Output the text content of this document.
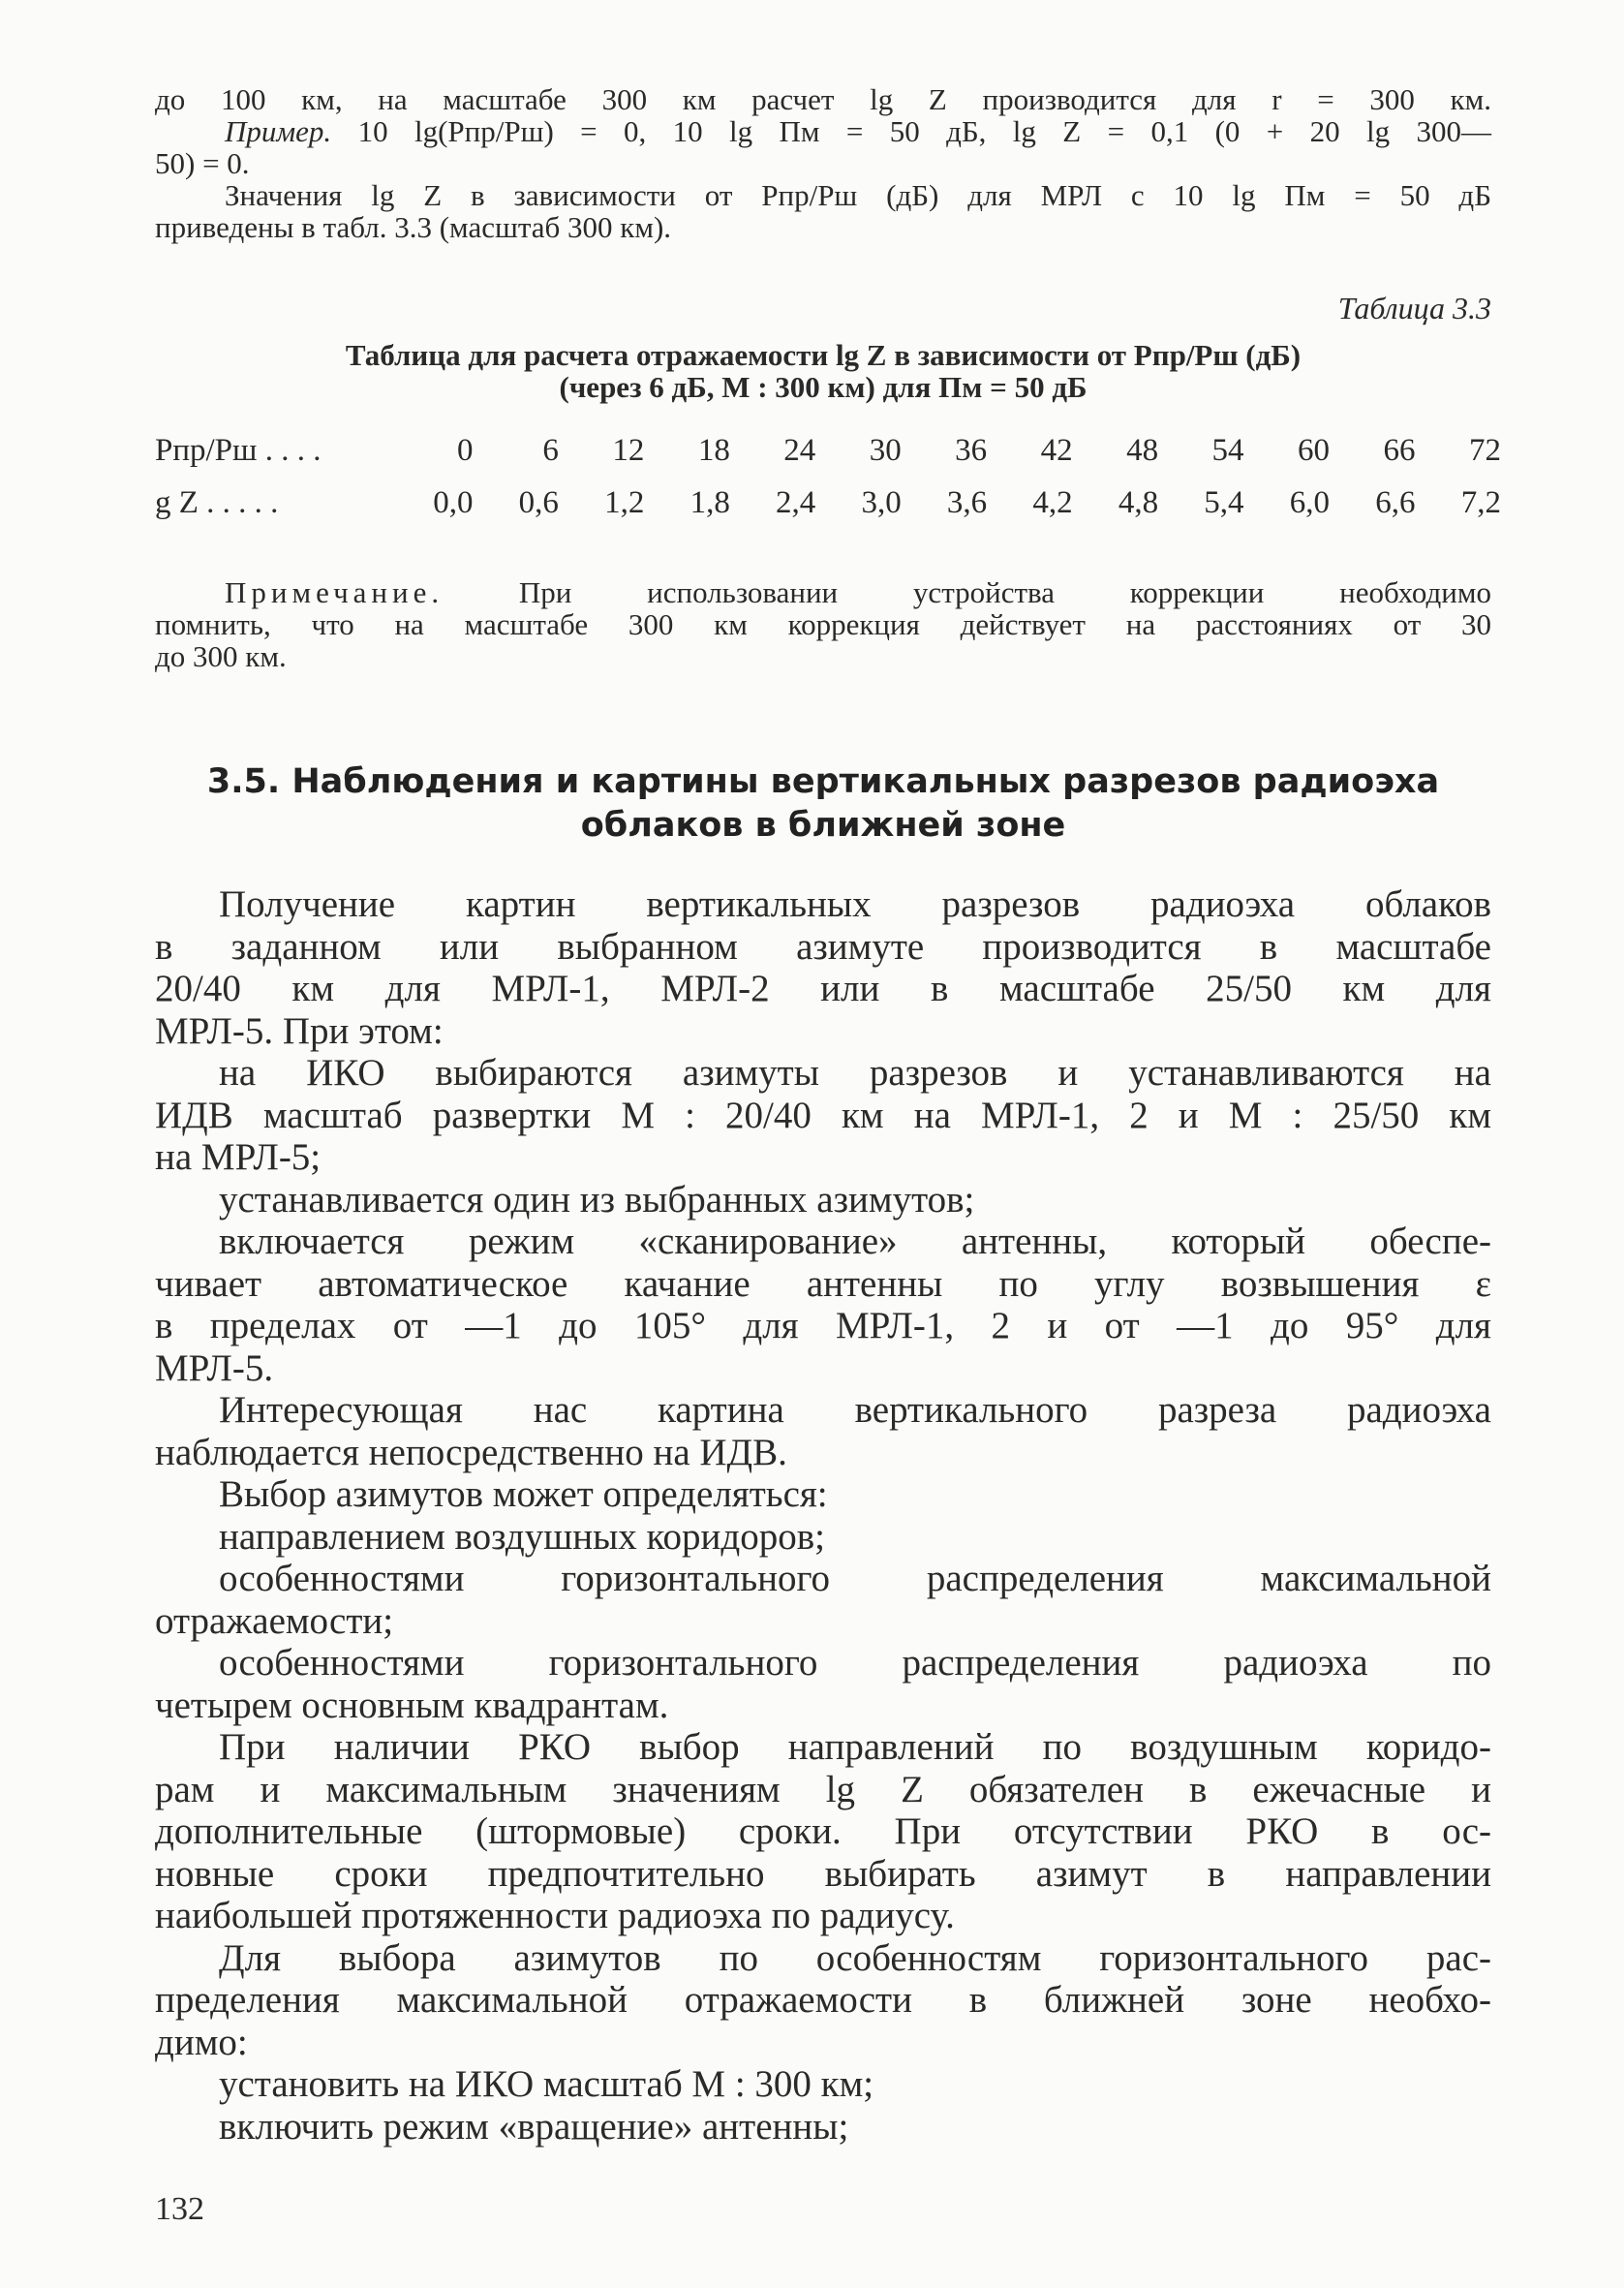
до 100 км, на масштабе 300 км расчет lg Z производится для r = 300 км.
Пример. 10 lg(Pпр/Pш) = 0, 10 lg Пм = 50 дБ, lg Z = 0,1 (0 + 20 lg 300—
50) = 0.
Значения lg Z в зависимости от Pпр/Pш (дБ) для МРЛ с 10 lg Пм = 50 дБ
приведены в табл. 3.3 (масштаб 300 км).
Таблица 3.3
Таблица для расчета отражаемости lg Z в зависимости от Pпр/Pш (дБ)
(через 6 дБ, М : 300 км) для Пм = 50 дБ
Pпр/Pш . . . .	0	6	12	18	24	30	36	42	48	54	60	66	72
g Z . . . . .	0,0	0,6	1,2	1,8	2,4	3,0	3,6	4,2	4,8	5,4	6,0	6,6	7,2
Примечание.	При использовании устройства коррекции необходимо
помнить, что на масштабе 300 км коррекция действует на расстояниях от 30
до 300 км.
3.5. Наблюдения и картины вертикальных разрезов радиоэха
облаков в ближней зоне

Получение картин вертикальных разрезов радиоэха облаков
в заданном или выбранном азимуте производится в масштабе
20/40 км для МРЛ-1, МРЛ-2 или в масштабе 25/50 км для
МРЛ-5. При этом:

на ИКО выбираются азимуты разрезов и устанавливаются на
ИДВ масштаб развертки М : 20/40 км на МРЛ-1, 2 и М : 25/50 км
на МРЛ-5;

устанавливается один из выбранных азимутов;

включается режим «сканирование» антенны, который обеспе-
чивает автоматическое качание антенны по углу возвышения ε
в пределах от —1 до 105° для МРЛ-1, 2 и от —1 до 95° для
МРЛ-5.

Интересующая нас картина вертикального разреза радиоэха
наблюдается непосредственно на ИДВ.

Выбор азимутов может определяться:

направлением воздушных коридоров;

особенностями горизонтального распределения максимальной
отражаемости;

особенностями горизонтального распределения радиоэха по
четырем основным квадрантам.

При наличии РКО выбор направлений по воздушным коридо-
рам и максимальным значениям lg Z обязателен в ежечасные и
дополнительные (штормовые) сроки. При отсутствии РКО в ос-
новные сроки предпочтительно выбирать азимут в направлении
наибольшей протяженности радиоэха по радиусу.

Для выбора азимутов по особенностям горизонтального рас-
пределения максимальной отражаемости в ближней зоне необхо-
димо:

установить на ИКО масштаб М : 300 км;

включить режим «вращение» антенны;

132
